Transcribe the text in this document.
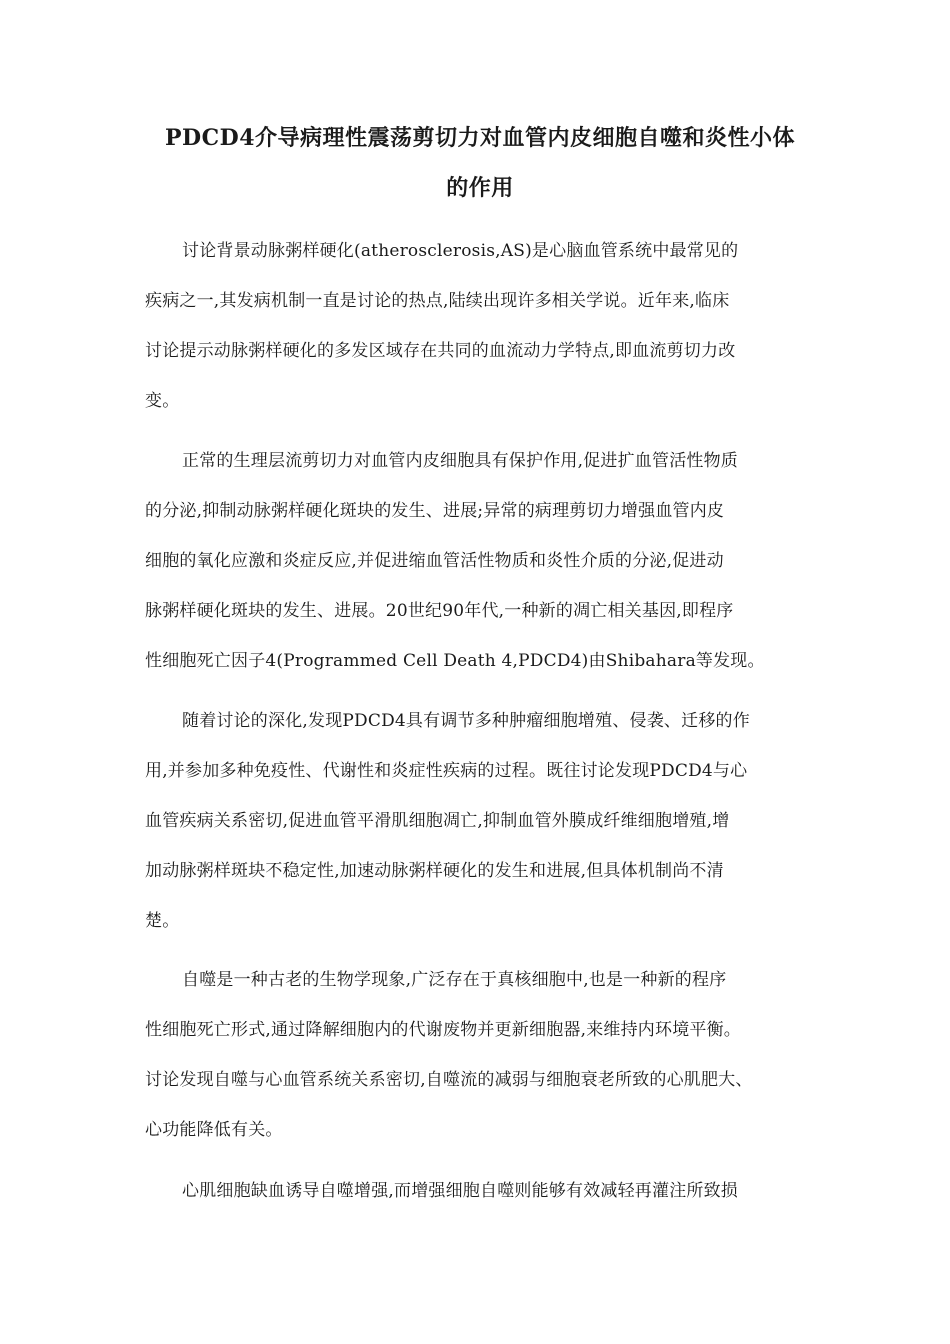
PDCD4介导病理性震荡剪切力对血管内皮细胞自噬和炎性小体
的作用
讨论背景动脉粥样硬化(atherosclerosis,AS)是心脑血管系统中最常见的
疾病之一,其发病机制一直是讨论的热点,陆续出现许多相关学说。近年来,临床
讨论提示动脉粥样硬化的多发区域存在共同的血流动力学特点,即血流剪切力改
变。
正常的生理层流剪切力对血管内皮细胞具有保护作用,促进扩血管活性物质
的分泌,抑制动脉粥样硬化斑块的发生、进展;异常的病理剪切力增强血管内皮
细胞的氧化应激和炎症反应,并促进缩血管活性物质和炎性介质的分泌,促进动
脉粥样硬化斑块的发生、进展。20世纪90年代,一种新的凋亡相关基因,即程序
性细胞死亡因子4(Programmed Cell Death 4,PDCD4)由Shibahara等发现。
随着讨论的深化,发现PDCD4具有调节多种肿瘤细胞增殖、侵袭、迁移的作
用,并参加多种免疫性、代谢性和炎症性疾病的过程。既往讨论发现PDCD4与心
血管疾病关系密切,促进血管平滑肌细胞凋亡,抑制血管外膜成纤维细胞增殖,增
加动脉粥样斑块不稳定性,加速动脉粥样硬化的发生和进展,但具体机制尚不清
楚。
自噬是一种古老的生物学现象,广泛存在于真核细胞中,也是一种新的程序
性细胞死亡形式,通过降解细胞内的代谢废物并更新细胞器,来维持内环境平衡。
讨论发现自噬与心血管系统关系密切,自噬流的减弱与细胞衰老所致的心肌肥大、
心功能降低有关。
心肌细胞缺血诱导自噬增强,而增强细胞自噬则能够有效减轻再灌注所致损
